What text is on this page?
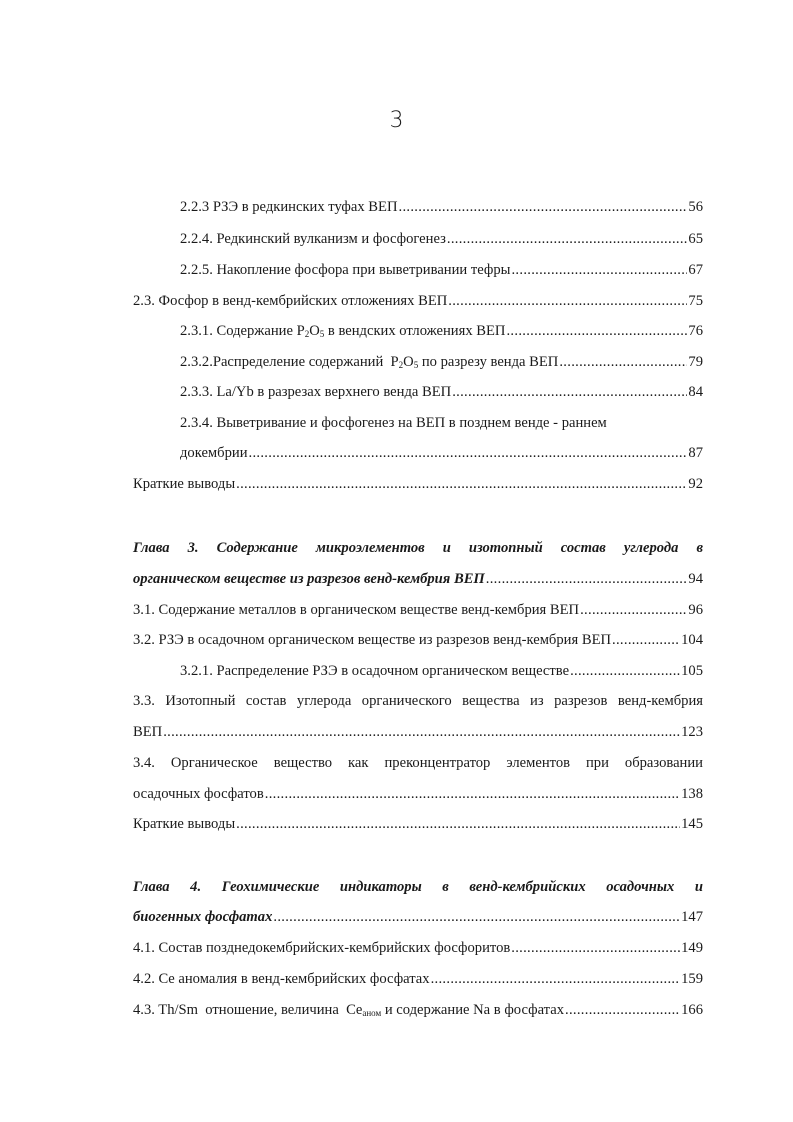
3
2.2.3 РЗЭ в редкинских туфах ВЕП .....	56
2.2.4. Редкинский вулканизм и фосфогенез .....	65
2.2.5. Накопление фосфора при выветривании тефры .....	67
2.3. Фосфор в венд-кембрийских отложениях ВЕП .....	75
2.3.1. Содержание $P_2O_5$ в вендских отложениях ВЕП .....	76
2.3.2.Распределение содержаний  $P_2O_5$ по разрезу венда ВЕП .....	79
2.3.3. La/Yb в разрезах верхнего венда ВЕП .....	84
2.3.4. Выветривание и фосфогенез на ВЕП в позднем венде - раннем
докембрии .....	87
Краткие выводы .....	92
Глава 3. Содержание микроэлементов и изотопный состав углерода в
органическом веществе из разрезов венд-кембрия ВЕП .....	94
3.1. Содержание металлов в органическом веществе венд-кембрия ВЕП .....	96
3.2. РЗЭ в осадочном органическом веществе из разрезов венд-кембрия ВЕП .....	104
3.2.1. Распределение РЗЭ в осадочном органическом веществе .....	105
3.3. Изотопный состав углерода органического вещества из разрезов венд-кембрия
ВЕП .....	123
3.4. Органическое вещество как преконцентратор элементов при образовании
осадочных фосфатов .....	138
Краткие выводы .....	145
Глава 4. Геохимические индикаторы в венд-кембрийских осадочных и
биогенных фосфатах .....	147
4.1. Состав позднедокембрийских-кембрийских фосфоритов .....	149
4.2. Ce аномалия в венд-кембрийских фосфатах .....	159
4.3. Th/Sm  отношение, величина  $Ce_{аном}$ и содержание Na в фосфатах .....	166
